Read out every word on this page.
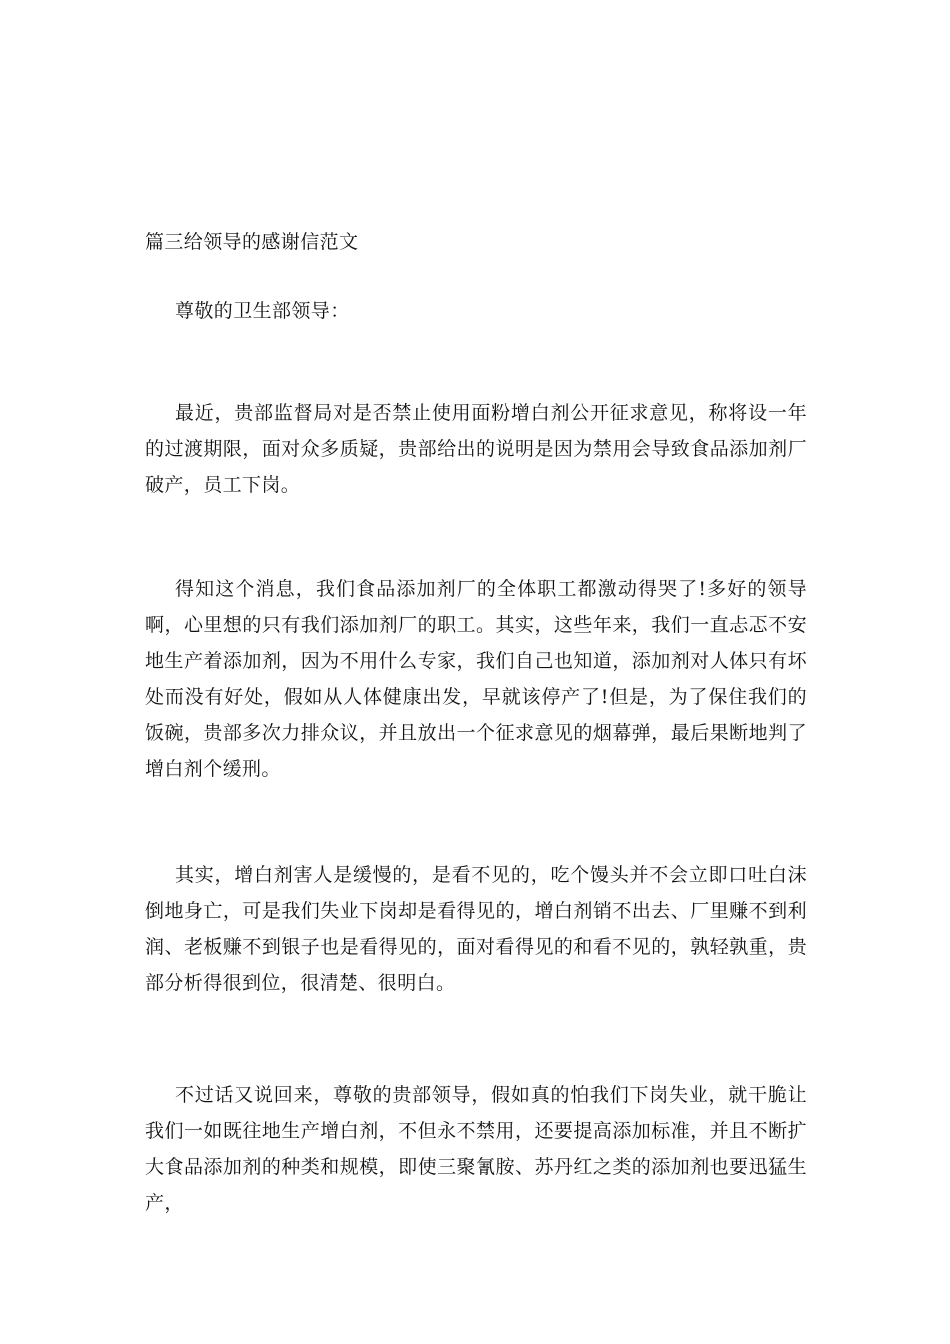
篇三给领导的感谢信范文

尊敬的卫生部领导：

最近，贵部监督局对是否禁止使用面粉增白剂公开征求意见，称将设一年的过渡期限，面对众多质疑，贵部给出的说明是因为禁用会导致食品添加剂厂破产，员工下岗。

得知这个消息，我们食品添加剂厂的全体职工都激动得哭了!多好的领导啊，心里想的只有我们添加剂厂的职工。其实，这些年来，我们一直忐忑不安地生产着添加剂，因为不用什么专家，我们自己也知道，添加剂对人体只有坏处而没有好处，假如从人体健康出发，早就该停产了!但是，为了保住我们的饭碗，贵部多次力排众议，并且放出一个征求意见的烟幕弹，最后果断地判了增白剂个缓刑。

其实，增白剂害人是缓慢的，是看不见的，吃个馒头并不会立即口吐白沫倒地身亡，可是我们失业下岗却是看得见的，增白剂销不出去、厂里赚不到利润、老板赚不到银子也是看得见的，面对看得见的和看不见的，孰轻孰重，贵部分析得很到位，很清楚、很明白。

不过话又说回来，尊敬的贵部领导，假如真的怕我们下岗失业，就干脆让我们一如既往地生产增白剂，不但永不禁用，还要提高添加标准，并且不断扩大食品添加剂的种类和规模，即使三聚氰胺、苏丹红之类的添加剂也要迅猛生产，
